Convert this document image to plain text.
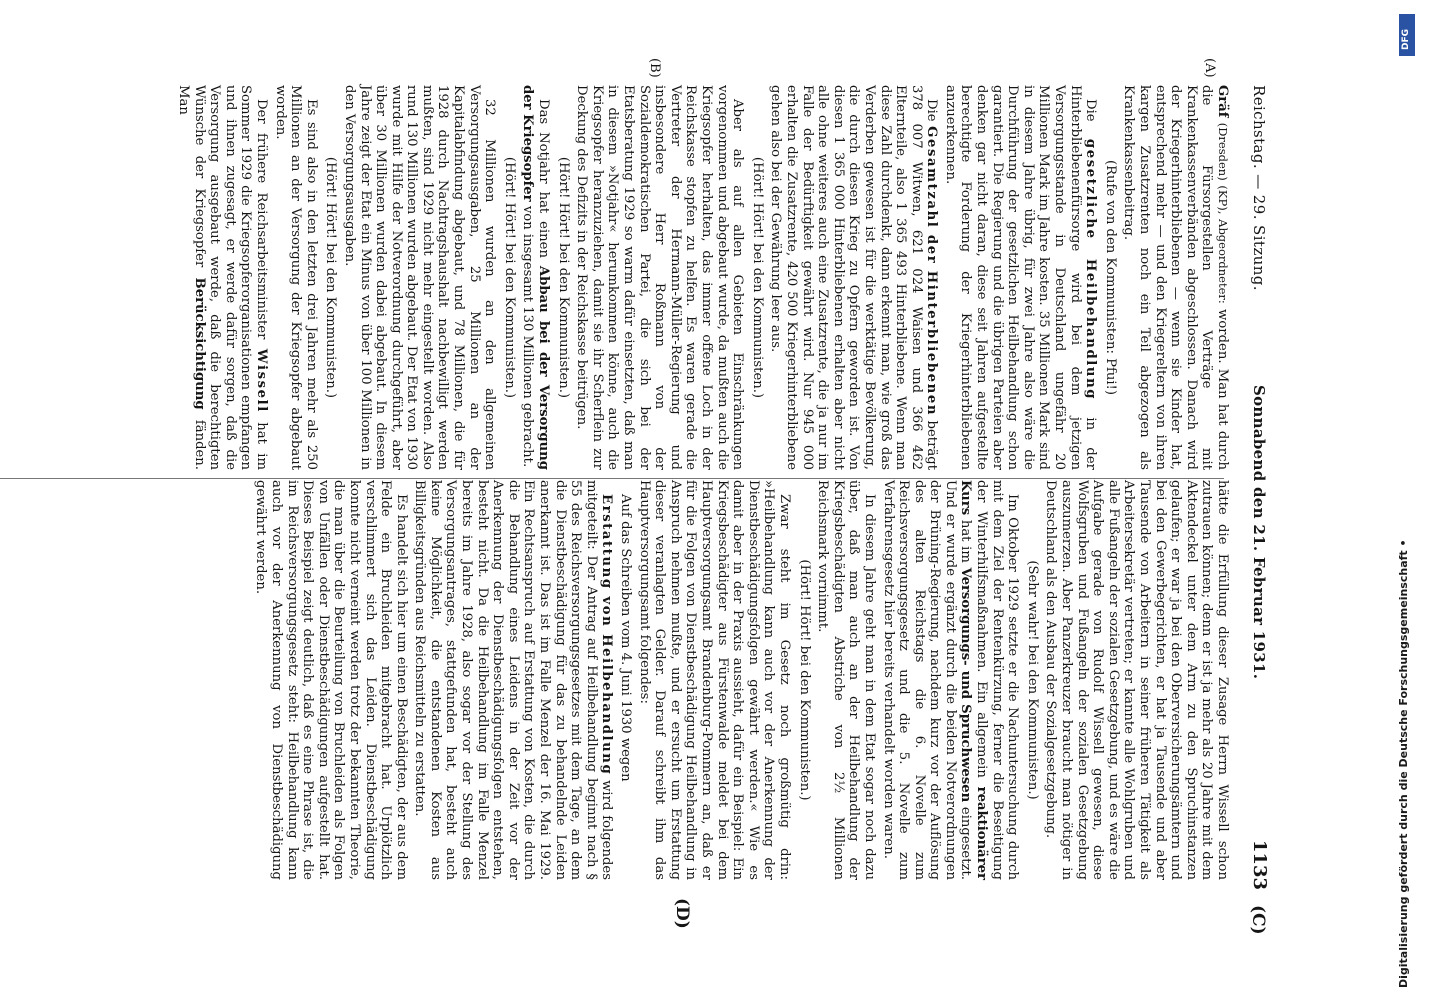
Reichstag. — 29. Sitzung.
Sonnabend den 21. Februar 1931.
1133
(A)
(B)
(C)
(D)

Gräf (Dresden) (KP), Abgeordneter: worden. Man hat durch die Fürsorgestellen Verträge mit Krankenkassenverbänden abgeschlossen. Danach wird der Kriegerhinterbliebenen — wenn sie Kinder hat, entsprechend mehr — und den Kriegereltern von ihren kargen Zusatzrenten noch ein Teil abgezogen als Krankenkassenbeitrag.

(Rufe von den Kommunisten: Pfui!)

Die gesetzliche Heilbehandlung in der Hinterbliebenenfürsorge wird bei dem jetzigen Versorgungsstande in Deutschland ungefähr 20 Millionen Mark im Jahre kosten. 35 Millionen Mark sind in diesem Jahre übrig, für zwei Jahre also wäre die Durchführung der gesetzlichen Heilbehandlung schon garantiert. Die Regierung und die übrigen Parteien aber denken gar nicht daran, diese seit Jahren aufgestellte berechtigte Forderung der Kriegerhinterbliebenen anzuerkennen.

Die Gesamtzahl der Hinterbliebenen beträgt 378 007 Witwen, 621 024 Waisen und 366 462 Elternteile, also 1 365 493 Hinterbliebene. Wenn man diese Zahl durchdenkt, dann erkennt man, wie groß das Verderben gewesen ist für die werktätige Bevölkerung, die durch diesen Krieg zu Opfern geworden ist. Von diesen 1 365 000 Hinterbliebenen erhalten aber nicht alle ohne weiteres auch eine Zusatzrente, die ja nur im Falle der Bedürftigkeit gewährt wird. Nur 945 000 erhalten die Zusatzrente, 420 500 Kriegerhinterbliebene gehen also bei der Gewährung leer aus.

(Hört! Hört! bei den Kommunisten.)

Aber als auf allen Gebieten Einschränkungen vorgenommen und abgebaut wurde, da mußten auch die Kriegsopfer herhalten, das immer offene Loch in der Reichskasse stopfen zu helfen. Es waren gerade die Vertreter der Hermann-Müller-Regierung und insbesondere Herr Roßmann von der Sozialdemokratischen Partei, die sich bei der Etatsberatung 1929 so warm dafür einsetzten, daß man in diesem »Notjahr« herumkommen könne, auch die Kriegsopfer heranzuziehen, damit sie ihr Scherflein zur Deckung des Defizits in der Reichskasse beitrügen.

(Hört! Hört! bei den Kommunisten.)

Das Notjahr hat einen Abbau bei der Versorgung der Kriegsopfer von insgesamt 130 Millionen gebracht.

(Hört! Hört! bei den Kommunisten.)

32 Millionen wurden an den allgemeinen Versorgungsausgaben, 25 Millionen an der Kapitalabfindung abgebaut, und 78 Millionen, die für 1928 durch Nachtragshaushalt nachbewilligt werden mußten, sind 1929 nicht mehr eingestellt worden. Also rund 130 Millionen wurden abgebaut. Der Etat von 1930 wurde mit Hilfe der Notverordnung durchgeführt, aber über 30 Millionen wurden dabei abgebaut. In diesem Jahre zeigt der Etat ein Minus von über 100 Millionen in den Versorgungsausgaben.

(Hört! Hört! bei den Kommunisten.)

Es sind also in den letzten drei Jahren mehr als 250 Millionen an der Versorgung der Kriegsopfer abgebaut worden.

Der frühere Reichsarbeitsminister Wissell hat im Sommer 1929 die Kriegsopferorganisationen empfangen und ihnen zugesagt, er werde dafür sorgen, daß die Versorgung ausgebaut werde, daß die berechtigten Wünsche der Kriegsopfer Berücksichtigung fänden. Man

hätte die Erfüllung dieser Zusage Herrn Wissell schon zutrauen können; denn er ist ja mehr als 20 Jahre mit dem Aktendeckel unter dem Arm zu den Spruchinstanzen gelaufen; er war ja bei den Oberversicherungsämtern und bei den Gewerbegerichten, er hat ja Tausende und aber Tausende von Arbeitern in seiner früheren Tätigkeit als Arbeitersekretär vertreten; er kannte alle Wohlgruben und alle Fußangeln der sozialen Gesetzgebung, und es wäre die Aufgabe gerade von Rudolf Wissell gewesen, diese Wolfsgruben und Fußangeln der sozialen Gesetzgebung auszumerzen. Aber Panzerkreuzer braucht man nötiger in Deutschland als den Ausbau der Sozialgesetzgebung.

(Sehr wahr! bei den Kommunisten.)

Im Oktober 1929 setzte er die Nachuntersuchung durch mit dem Ziel der Rentenkürzung, ferner die Beseitigung der Winterhilfsmaßnahmen. Ein allgemein reaktionärer Kurs hat im Versorgungs- und Spruchwesen eingesetzt. Und er wurde ergänzt durch die beiden Notverordnungen der Brüning-Regierung, nachdem kurz vor der Auflösung des alten Reichstags die 6. Novelle zum Reichsversorgungsgesetz und die 5. Novelle zum Verfahrensgesetz hier bereits verhandelt worden waren.

In diesem Jahre geht man in dem Etat sogar noch dazu über, daß man auch an der Heilbehandlung der Kriegsbeschädigten Abstriche von 2½ Millionen Reichsmark vornimmt.

(Hört! Hört! bei den Kommunisten.)

Zwar steht im Gesetz noch großmütig drin: »Heilbehandlung kann auch vor der Anerkennung der Dienstbeschädigungsfolgen gewährt werden.« Wie es damit aber in der Praxis aussieht, dafür ein Beispiel: Ein Kriegsbeschädigter aus Fürstenwalde meldet bei dem Hauptversorgungsamt Brandenburg-Pommern an, daß er für die Folgen von Dienstbeschädigung Heilbehandlung in Anspruch nehmen mußte, und er ersucht um Erstattung dieser veranlagten Gelder. Darauf schreibt ihm das Hauptversorgungsamt folgendes:

Auf das Schreiben vom 4. Juni 1930 wegen

Erstattung von Heilbehandlung wird folgendes mitgeteilt: Der Antrag auf Heilbehandlung beginnt nach § 55 des Reichsversorgungsgesetzes mit dem Tage, an dem die Dienstbeschädigung für das zu behandelnde Leiden anerkannt ist. Das ist im Falle Menzel der 16. Mai 1929. Ein Rechtsanspruch auf Erstattung von Kosten, die durch die Behandlung eines Leidens in der Zeit vor der Anerkennung der Dienstbeschädigungsfolgen entstehen, besteht nicht. Da die Heilbehandlung im Falle Menzel bereits im Jahre 1928, also sogar vor der Stellung des Versorgungsantrages, stattgefunden hat, besteht auch keine Möglichkeit, die entstandenen Kosten aus Billigkeitsgründen aus Reichsmitteln zu erstatten.

Es handelt sich hier um einen Beschädigten, der aus dem Felde ein Bruchleiden mitgebracht hat. Urplötzlich verschlimmert sich das Leiden. Dienstbeschädigung konnte nicht verneint werden trotz der bekannten Theorie, die man über die Beurteilung von Bruchleiden als Folgen von Unfällen oder Dienstbeschädigungen aufgestellt hat. Dieses Beispiel zeigt deutlich, daß es eine Phrase ist, die im Reichsversorgungsgesetz steht: Heilbehandlung kann auch vor der Anerkennung von Dienstbeschädigung gewährt werden.

Digitalisierung gefördert durch die Deutsche Forschungsgemeinschaft •
DFG
